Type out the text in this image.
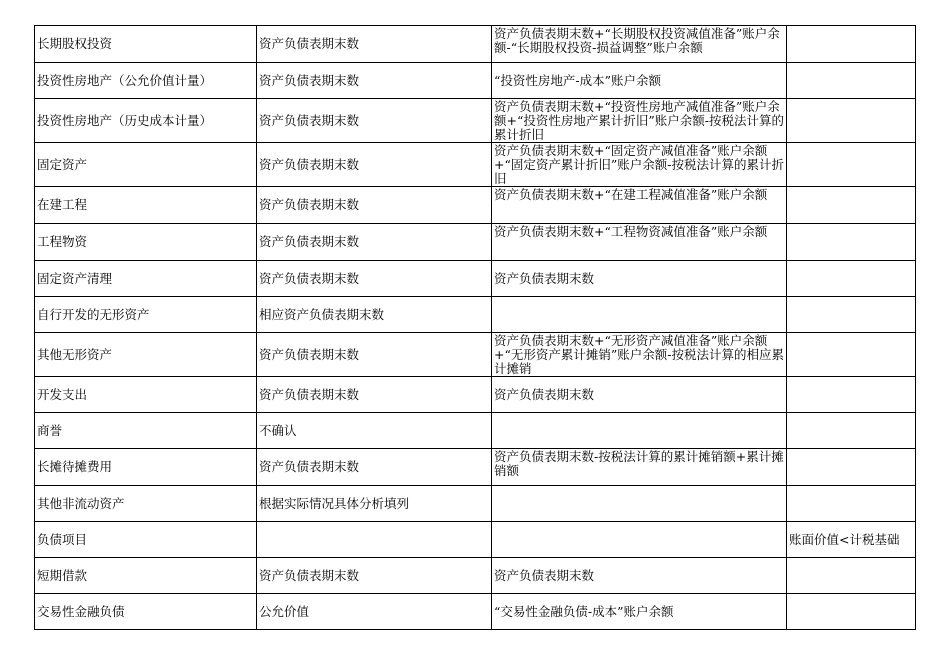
长期股权投资	资产负债表期末数	资产负债表期末数+“长期股权投资减值准备”账户余额-“长期股权投资-损益调整”账户余额	
投资性房地产（公允价值计量）	资产负债表期末数	“投资性房地产-成本”账户余额	
投资性房地产（历史成本计量）	资产负债表期末数	资产负债表期末数+“投资性房地产减值准备”账户余额+“投资性房地产累计折旧”账户余额-按税法计算的累计折旧	
固定资产	资产负债表期末数	资产负债表期末数+“固定资产减值准备”账户余额+“固定资产累计折旧”账户余额-按税法计算的累计折旧	
在建工程	资产负债表期末数	资产负债表期末数+“在建工程减值准备”账户余额	
工程物资	资产负债表期末数	资产负债表期末数+“工程物资减值准备”账户余额	
固定资产清理	资产负债表期末数	资产负债表期末数	
自行开发的无形资产	相应资产负债表期末数		
其他无形资产	资产负债表期末数	资产负债表期末数+“无形资产减值准备”账户余额+“无形资产累计摊销”账户余额-按税法计算的相应累计摊销	
开发支出	资产负债表期末数	资产负债表期末数	
商誉	不确认		
长摊待摊费用	资产负债表期末数	资产负债表期末数-按税法计算的累计摊销额+累计摊销额	
其他非流动资产	根据实际情况具体分析填列		
负债项目			账面价值<计税基础
短期借款	资产负债表期末数	资产负债表期末数	
交易性金融负债	公允价值	“交易性金融负债-成本”账户余额	
